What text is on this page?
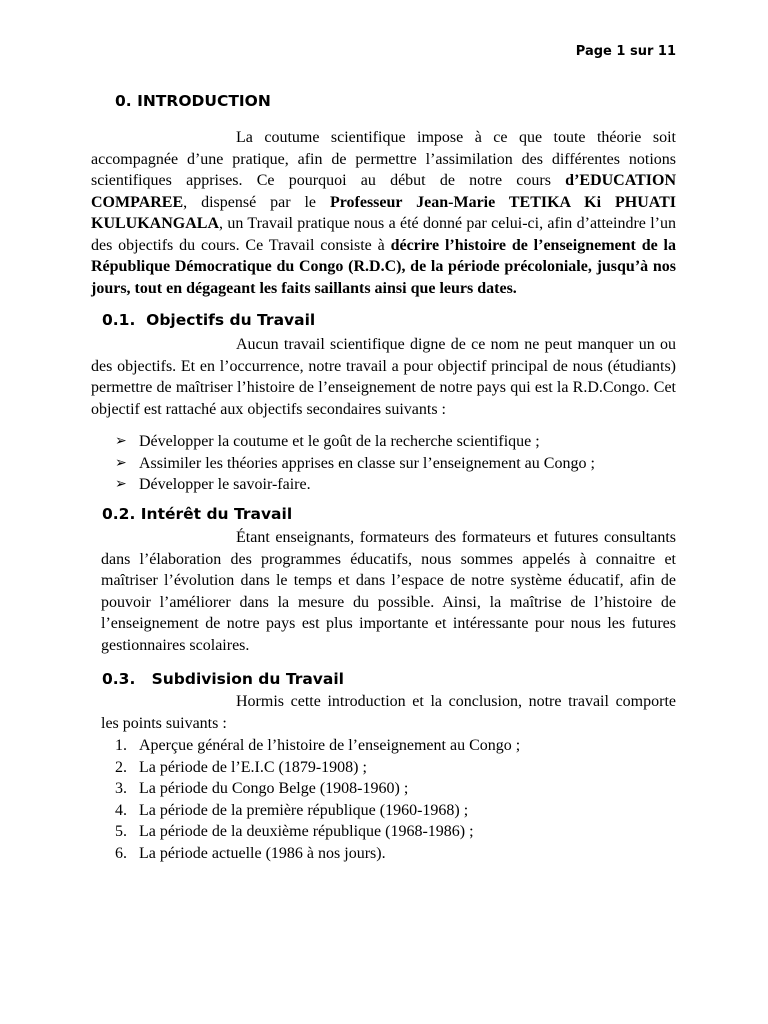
Page 1 sur 11
0. INTRODUCTION

La coutume scientifique impose à ce que toute théorie soit accompagnée d’une pratique, afin de permettre l’assimilation des différentes notions scientifiques apprises. Ce pourquoi au début de notre cours d’EDUCATION COMPAREE, dispensé par le Professeur Jean-Marie TETIKA Ki PHUATI KULUKANGALA, un Travail pratique nous a été donné par celui-ci, afin d’atteindre l’un des objectifs du cours. Ce Travail consiste à décrire l’histoire de l’enseignement de la République Démocratique du Congo (R.D.C), de la période précoloniale, jusqu’à nos jours, tout en dégageant les faits saillants ainsi que leurs dates.

0.1. Objectifs du Travail

Aucun travail scientifique digne de ce nom ne peut manquer un ou des objectifs. Et en l’occurrence, notre travail a pour objectif principal de nous (étudiants) permettre de maîtriser l’histoire de l’enseignement de notre pays qui est la R.D.Congo. Cet objectif est rattaché aux objectifs secondaires suivants :

➢ Développer la coutume et le goût de la recherche scientifique ;
➢ Assimiler les théories apprises en classe sur l’enseignement au Congo ;
➢ Développer le savoir-faire.
0.2. Intérêt du Travail

Étant enseignants, formateurs des formateurs et futures consultants dans l’élaboration des programmes éducatifs, nous sommes appelés à connaitre et maîtriser l’évolution dans le temps et dans l’espace de notre système éducatif, afin de pouvoir l’améliorer dans la mesure du possible. Ainsi, la maîtrise de l’histoire de l’enseignement de notre pays est plus importante et intéressante pour nous les futures gestionnaires scolaires.

0.3. Subdivision du Travail

Hormis cette introduction et la conclusion, notre travail comporte les points suivants :

1. Aperçue général de l’histoire de l’enseignement au Congo ;
2. La période de l’E.I.C (1879-1908) ;
3. La période du Congo Belge (1908-1960) ;
4. La période de la première république (1960-1968) ;
5. La période de la deuxième république (1968-1986) ;
6. La période actuelle (1986 à nos jours).
